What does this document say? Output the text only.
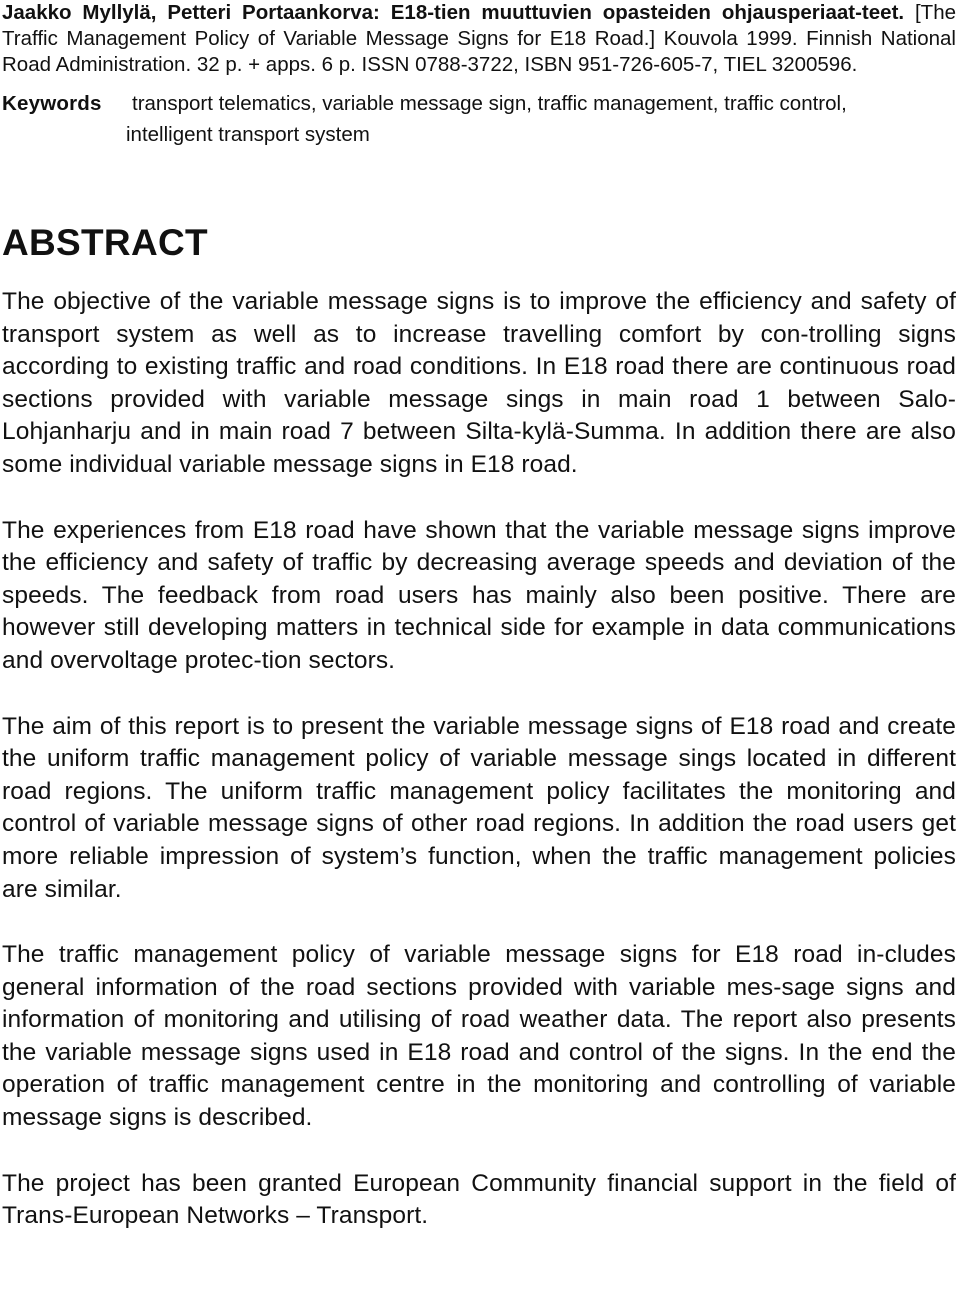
Jaakko Myllylä, Petteri Portaankorva: E18-tien muuttuvien opasteiden ohjausperiaat-teet. [The Traffic Management Policy of Variable Message Signs for E18 Road.] Kouvola 1999. Finnish National Road Administration. 32 p. + apps. 6 p. ISSN 0788-3722, ISBN 951-726-605-7, TIEL 3200596.

Keywords	transport telematics, variable message sign, traffic management, traffic control,
intelligent transport system
ABSTRACT

The objective of the variable message signs is to improve the efficiency and safety of transport system as well as to increase travelling comfort by con-trolling signs according to existing traffic and road conditions. In E18 road there are continuous road sections provided with variable message sings in main road 1 between Salo-Lohjanharju and in main road 7 between Silta-kylä-Summa. In addition there are also some individual variable message signs in E18 road.

The experiences from E18 road have shown that the variable message signs improve the efficiency and safety of traffic by decreasing average speeds and deviation of the speeds. The feedback from road users has mainly also been positive. There are however still developing matters in technical side for example in data communications and overvoltage protec-tion sectors.

The aim of this report is to present the variable message signs of E18 road and create the uniform traffic management policy of variable message sings located in different road regions. The uniform traffic management policy facilitates the monitoring and control of variable message signs of other road regions. In addition the road users get more reliable impression of system’s function, when the traffic management policies are similar.

The traffic management policy of variable message signs for E18 road in-cludes general information of the road sections provided with variable mes-sage signs and information of monitoring and utilising of road weather data. The report also presents the variable message signs used in E18 road and control of the signs. In the end the operation of traffic management centre in the monitoring and controlling of variable message signs is described.

The project has been granted European Community financial support in the field of Trans-European Networks – Transport.
